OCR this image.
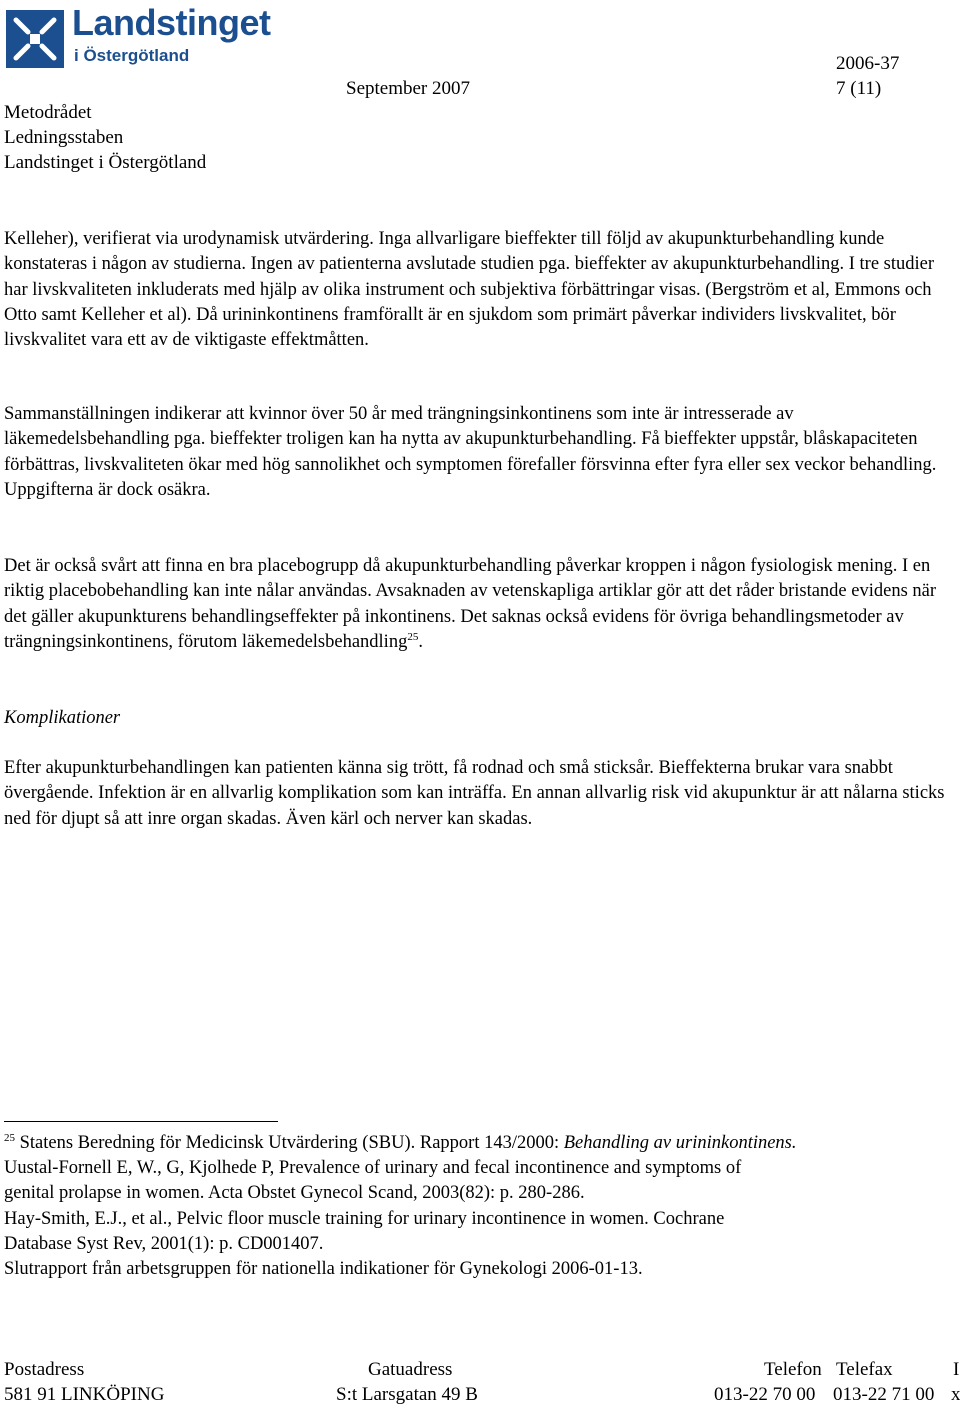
Landstinget
i Östergötland	2006-37
September 2007	7 (11)
Metodrådet
Ledningsstaben
Landstinget i Östergötland

Kelleher), verifierat via urodynamisk utvärdering. Inga allvarligare bieffekter till följd av akupunkturbehandling kunde konstateras i någon av studierna. Ingen av patienterna avslutade studien pga. bieffekter av akupunkturbehandling. I tre studier har livskvaliteten inkluderats med hjälp av olika instrument och subjektiva förbättringar visas. (Bergström et al, Emmons och Otto samt Kelleher et al). Då urininkontinens framförallt är en sjukdom som primärt påverkar individers livskvalitet, bör livskvalitet vara ett av de viktigaste effektmåtten.

Sammanställningen indikerar att kvinnor över 50 år med trängningsinkontinens som inte är intresserade av läkemedelsbehandling pga. bieffekter troligen kan ha nytta av akupunkturbehandling. Få bieffekter uppstår, blåskapaciteten förbättras, livskvaliteten ökar med hög sannolikhet och symptomen förefaller försvinna efter fyra eller sex veckor behandling. Uppgifterna är dock osäkra.

Det är också svårt att finna en bra placebogrupp då akupunkturbehandling påverkar kroppen i någon fysiologisk mening. I en riktig placebobehandling kan inte nålar användas. Avsaknaden av vetenskapliga artiklar gör att det råder bristande evidens när det gäller akupunkturens behandlingseffekter på inkontinens. Det saknas också evidens för övriga behandlingsmetoder av trängningsinkontinens, förutom läkemedelsbehandling$^{25}$.

Komplikationer

Efter akupunkturbehandlingen kan patienten känna sig trött, få rodnad och små sticksår. Bieffekterna brukar vara snabbt övergående. Infektion är en allvarlig komplikation som kan inträffa. En annan allvarlig risk vid akupunktur är att nålarna sticks ned för djupt så att inre organ skadas. Även kärl och nerver kan skadas.

$^{25}$ Statens Beredning för Medicinsk Utvärdering (SBU). Rapport 143/2000: Behandling av urininkontinens.

Uustal-Fornell E, W., G, Kjolhede P, Prevalence of urinary and fecal incontinence and symptoms of genital prolapse in women. Acta Obstet Gynecol Scand, 2003(82): p. 280-286.

Hay-Smith, E.J., et al., Pelvic floor muscle training for urinary incontinence in women. Cochrane Database Syst Rev, 2001(1): p. CD001407.

Slutrapport från arbetsgruppen för nationella indikationer för Gynekologi 2006-01-13.

Postadress
581 91 LINKÖPING
Gatuadress
S:t Larsgatan 49 B
Telefon Telefax
013-22 70 00 013-22 71 00
I
x
